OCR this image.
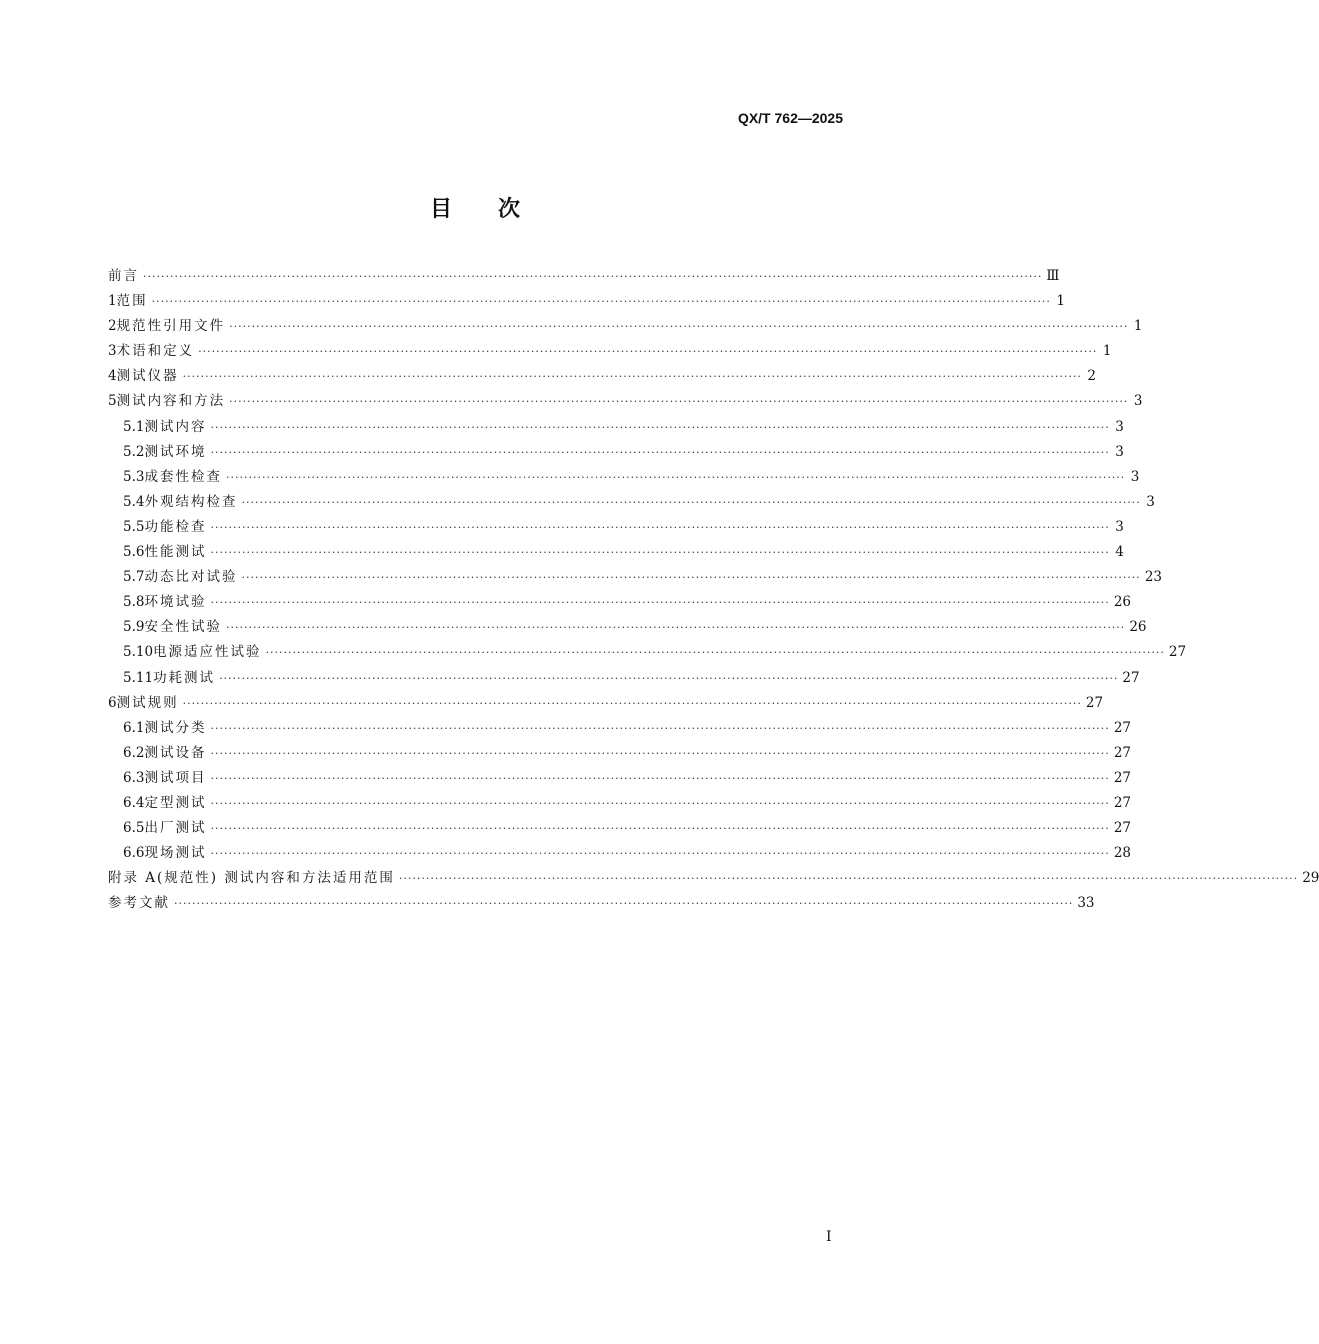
QX/T 762—2025
目次
前言 ········································································································································································································ Ⅲ
1 范围 ········································································································································································································ 1
2 规范性引用文件 ········································································································································································································ 1
3 术语和定义 ········································································································································································································ 1
4 测试仪器 ········································································································································································································ 2
5 测试内容和方法 ········································································································································································································ 3
5.1 测试内容 ········································································································································································································ 3
5.2 测试环境 ········································································································································································································ 3
5.3 成套性检查 ········································································································································································································ 3
5.4 外观结构检查 ········································································································································································································ 3
5.5 功能检查 ········································································································································································································ 3
5.6 性能测试 ········································································································································································································ 4
5.7 动态比对试验 ········································································································································································································ 23
5.8 环境试验 ········································································································································································································ 26
5.9 安全性试验 ········································································································································································································ 26
5.10 电源适应性试验 ········································································································································································································ 27
5.11 功耗测试 ········································································································································································································ 27
6 测试规则 ········································································································································································································ 27
6.1 测试分类 ········································································································································································································ 27
6.2 测试设备 ········································································································································································································ 27
6.3 测试项目 ········································································································································································································ 27
6.4 定型测试 ········································································································································································································ 27
6.5 出厂测试 ········································································································································································································ 27
6.6 现场测试 ········································································································································································································ 28
附录 A(规范性) 测试内容和方法适用范围 ········································································································································································································ 29
参考文献 ········································································································································································································ 33
I
